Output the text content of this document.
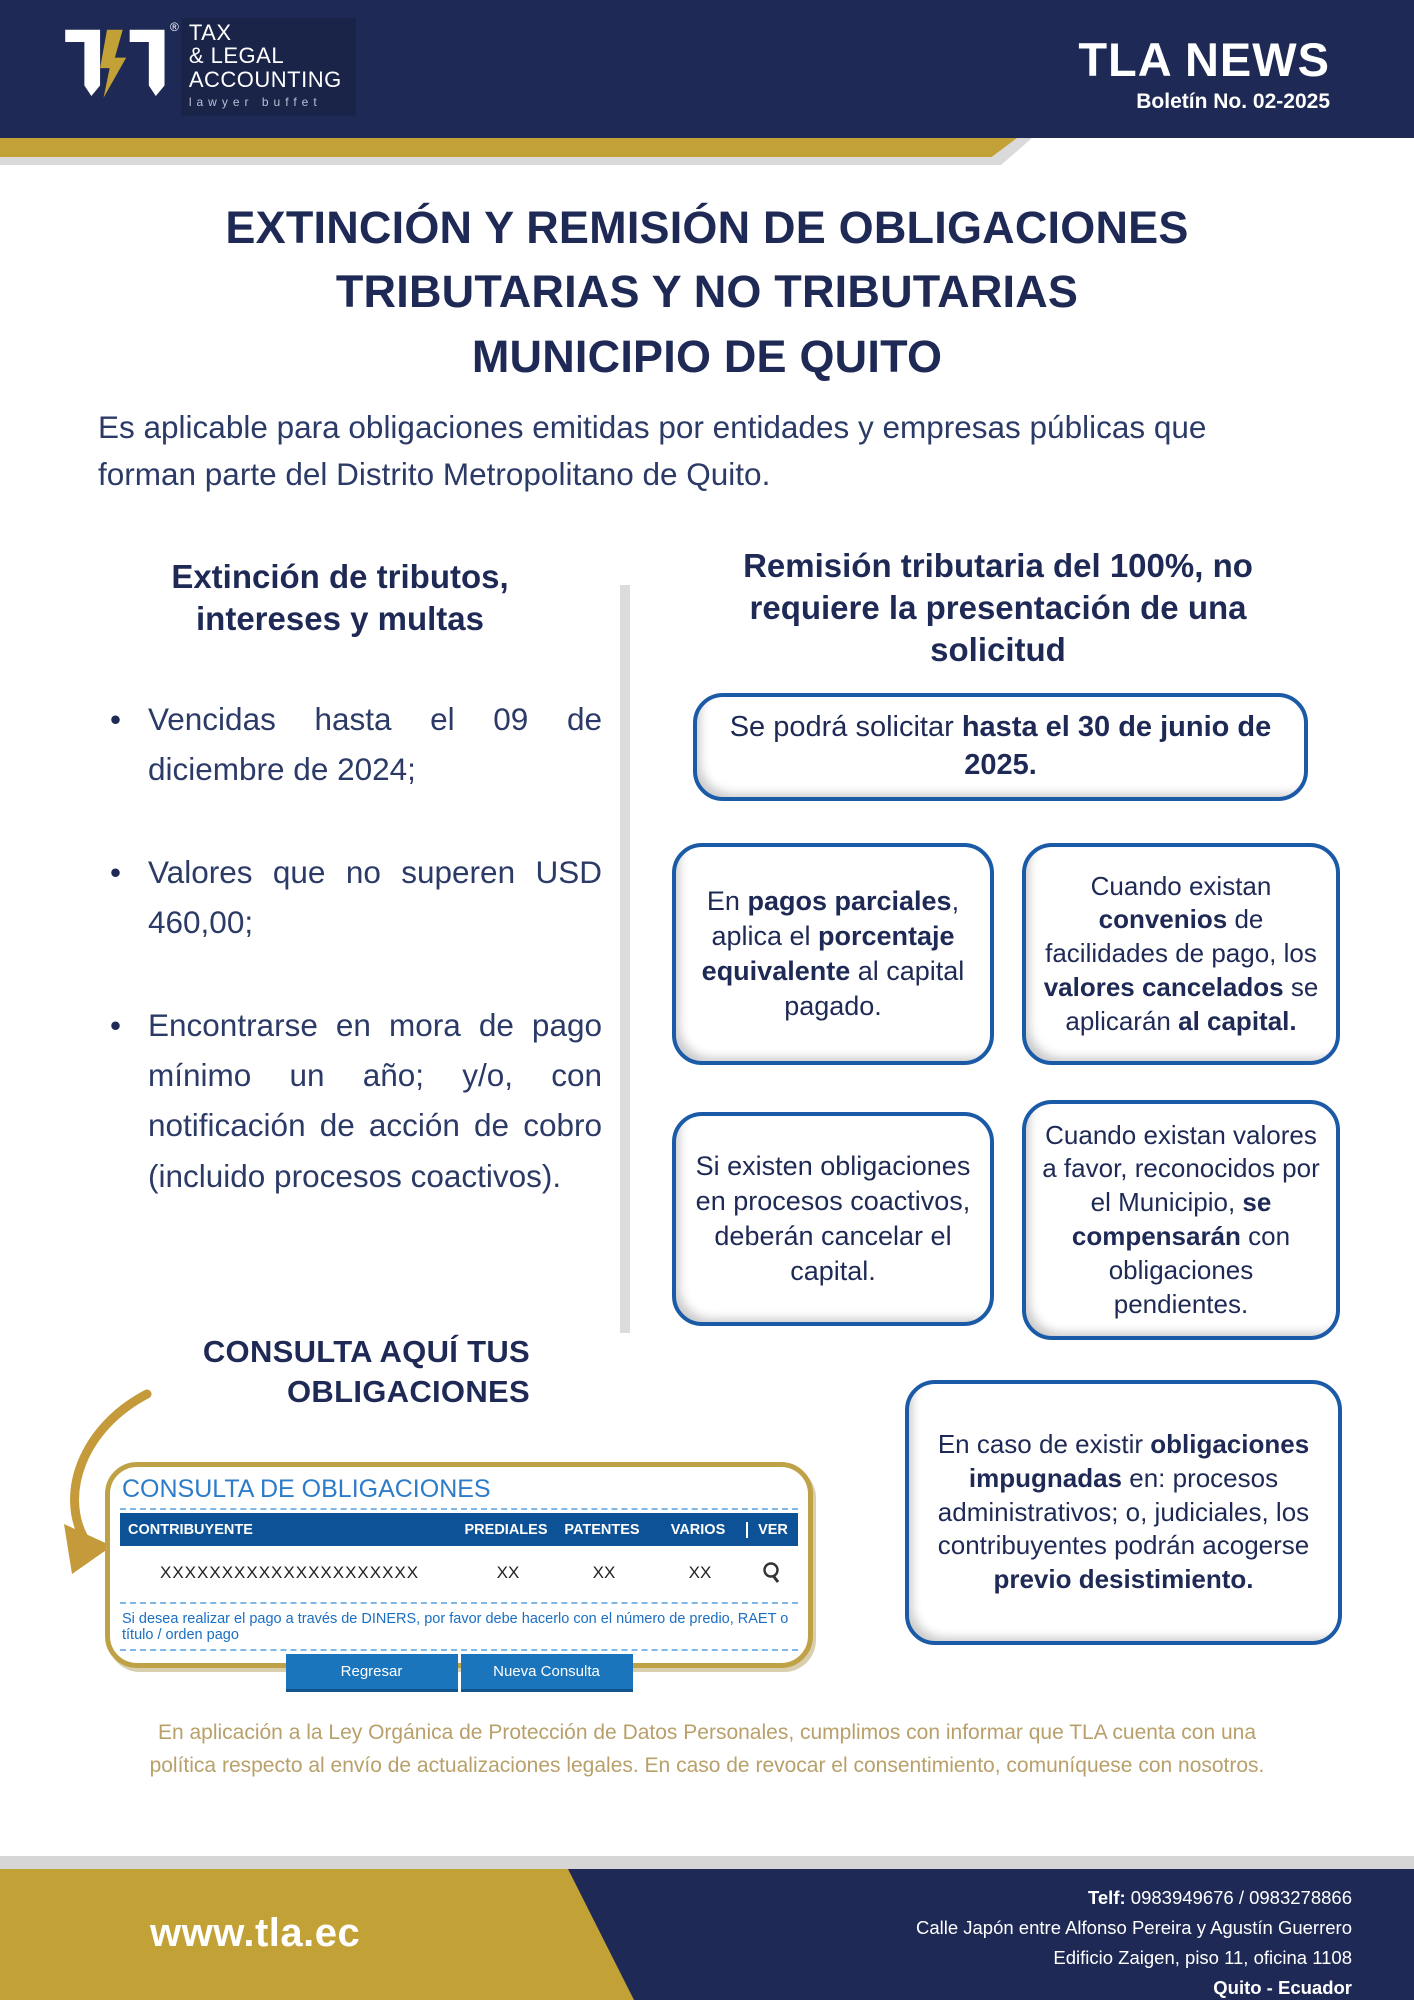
® TAX
& LEGAL
ACCOUNTING
lawyer buffet
TLA NEWS
Boletín No. 02-2025
EXTINCIÓN Y REMISIÓN DE OBLIGACIONES
TRIBUTARIAS Y NO TRIBUTARIAS
MUNICIPIO DE QUITO
Es aplicable para obligaciones emitidas por entidades y empresas públicas que forman parte del Distrito Metropolitano de Quito.
Extinción de tributos, intereses y multas
• Vencidas hasta el 09 de diciembre de 2024;
• Valores que no superen USD 460,00;
• Encontrarse en mora de pago mínimo un año; y/o, con notificación de acción de cobro (incluido procesos coactivos).
Remisión tributaria del 100%, no
requiere la presentación de una
solicitud
Se podrá solicitar hasta el 30 de junio de 2025.
En pagos parciales, aplica el porcentaje equivalente al capital pagado.
Cuando existan convenios de facilidades de pago, los valores cancelados se aplicarán al capital.
Si existen obligaciones en procesos coactivos, deberán cancelar el capital.
Cuando existan valores a favor, reconocidos por el Municipio, se compensarán con obligaciones pendientes.
En caso de existir obligaciones impugnadas en: procesos administrativos; o, judiciales, los contribuyentes podrán acogerse previo desistimiento.
CONSULTA AQUÍ TUS
OBLIGACIONES
CONSULTA DE OBLIGACIONES
CONTRIBUYENTE	PREDIALES	PATENTES	VARIOS	VER
XXXXXXXXXXXXXXXXXXXXX	XX	XX	XX
Si desea realizar el pago a través de DINERS, por favor debe hacerlo con el número de predio, RAET o título / orden pago
Regresar	Nueva Consulta
En aplicación a la Ley Orgánica de Protección de Datos Personales, cumplimos con informar que TLA cuenta con una política respecto al envío de actualizaciones legales. En caso de revocar el consentimiento, comuníquese con nosotros.
www.tla.ec
Telf: 0983949676 / 0983278866
Calle Japón entre Alfonso Pereira y Agustín Guerrero
Edificio Zaigen, piso 11, oficina 1108
Quito - Ecuador
